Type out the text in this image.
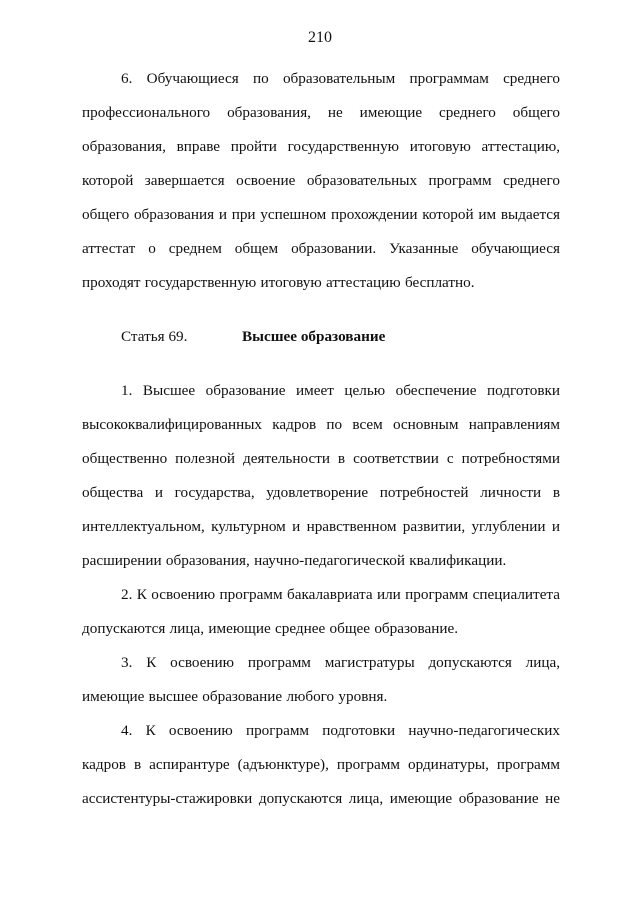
210

6. Обучающиеся по образовательным программам среднего профессионального образования, не имеющие среднего общего образования, вправе пройти государственную итоговую аттестацию, которой завершается освоение образовательных программ среднего общего образования и при успешном прохождении которой им выдается аттестат о среднем общем образовании. Указанные обучающиеся проходят государственную итоговую аттестацию бесплатно.

Статья 69.	Высшее образование

1. Высшее образование имеет целью обеспечение подготовки высококвалифицированных кадров по всем основным направлениям общественно полезной деятельности в соответствии с потребностями общества и государства, удовлетворение потребностей личности в интеллектуальном, культурном и нравственном развитии, углублении и расширении образования, научно-педагогической квалификации.

2. К освоению программ бакалавриата или программ специалитета допускаются лица, имеющие среднее общее образование.

3. К освоению программ магистратуры допускаются лица, имеющие высшее образование любого уровня.

4. К освоению программ подготовки научно-педагогических кадров в аспирантуре (адъюнктуре), программ ординатуры, программ ассистентуры-стажировки допускаются лица, имеющие образование не
